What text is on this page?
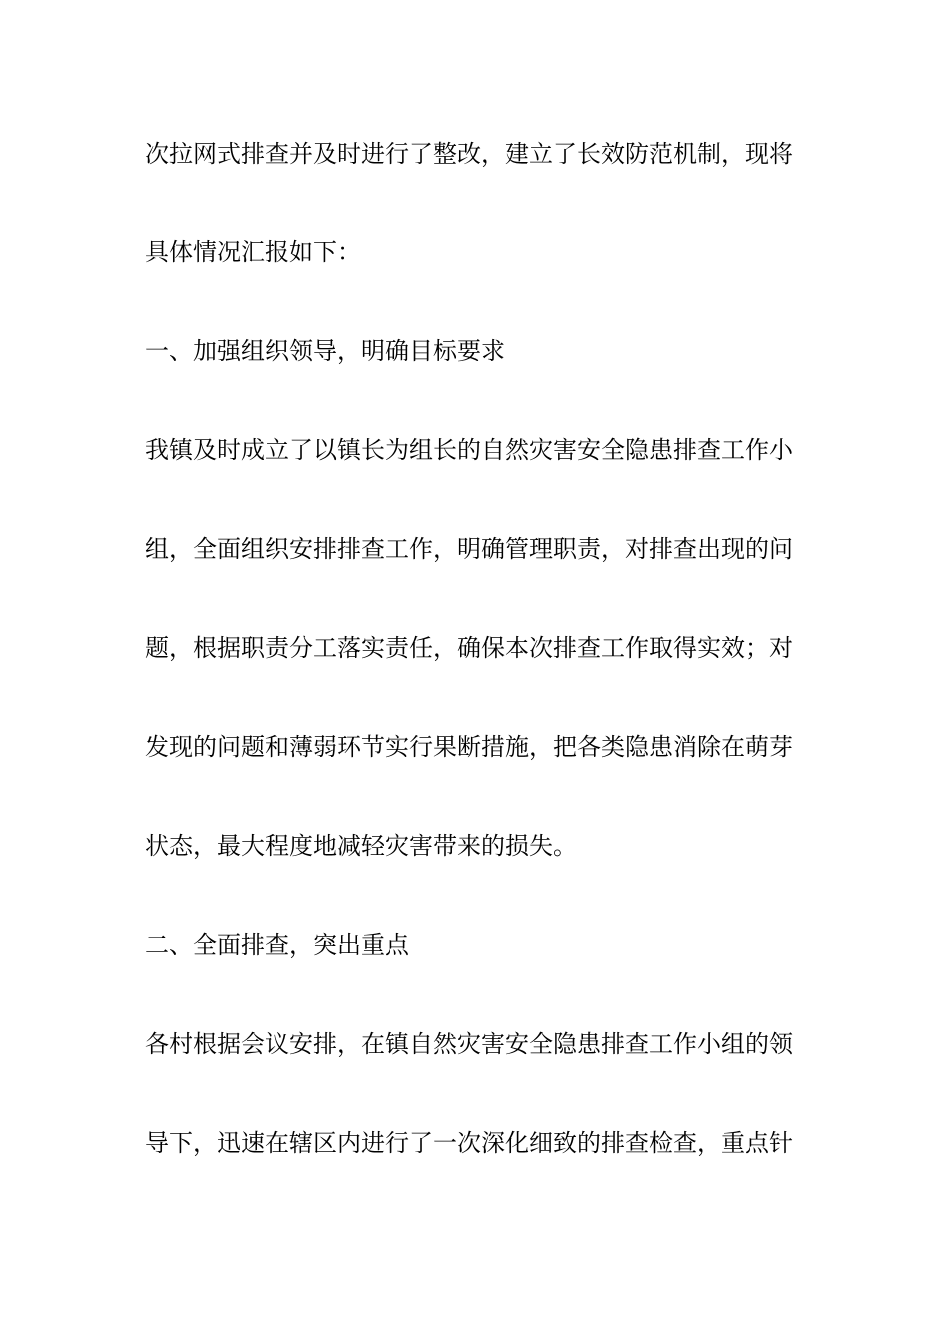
次拉网式排查并及时进行了整改，建立了长效防范机制，现将
具体情况汇报如下：
一、加强组织领导，明确目标要求
我镇及时成立了以镇长为组长的自然灾害安全隐患排查工作小
组，全面组织安排排查工作，明确管理职责，对排查出现的问
题，根据职责分工落实责任，确保本次排查工作取得实效；对
发现的问题和薄弱环节实行果断措施，把各类隐患消除在萌芽
状态，最大程度地减轻灾害带来的损失。
二、全面排查，突出重点
各村根据会议安排，在镇自然灾害安全隐患排查工作小组的领
导下，迅速在辖区内进行了一次深化细致的排查检查，重点针
